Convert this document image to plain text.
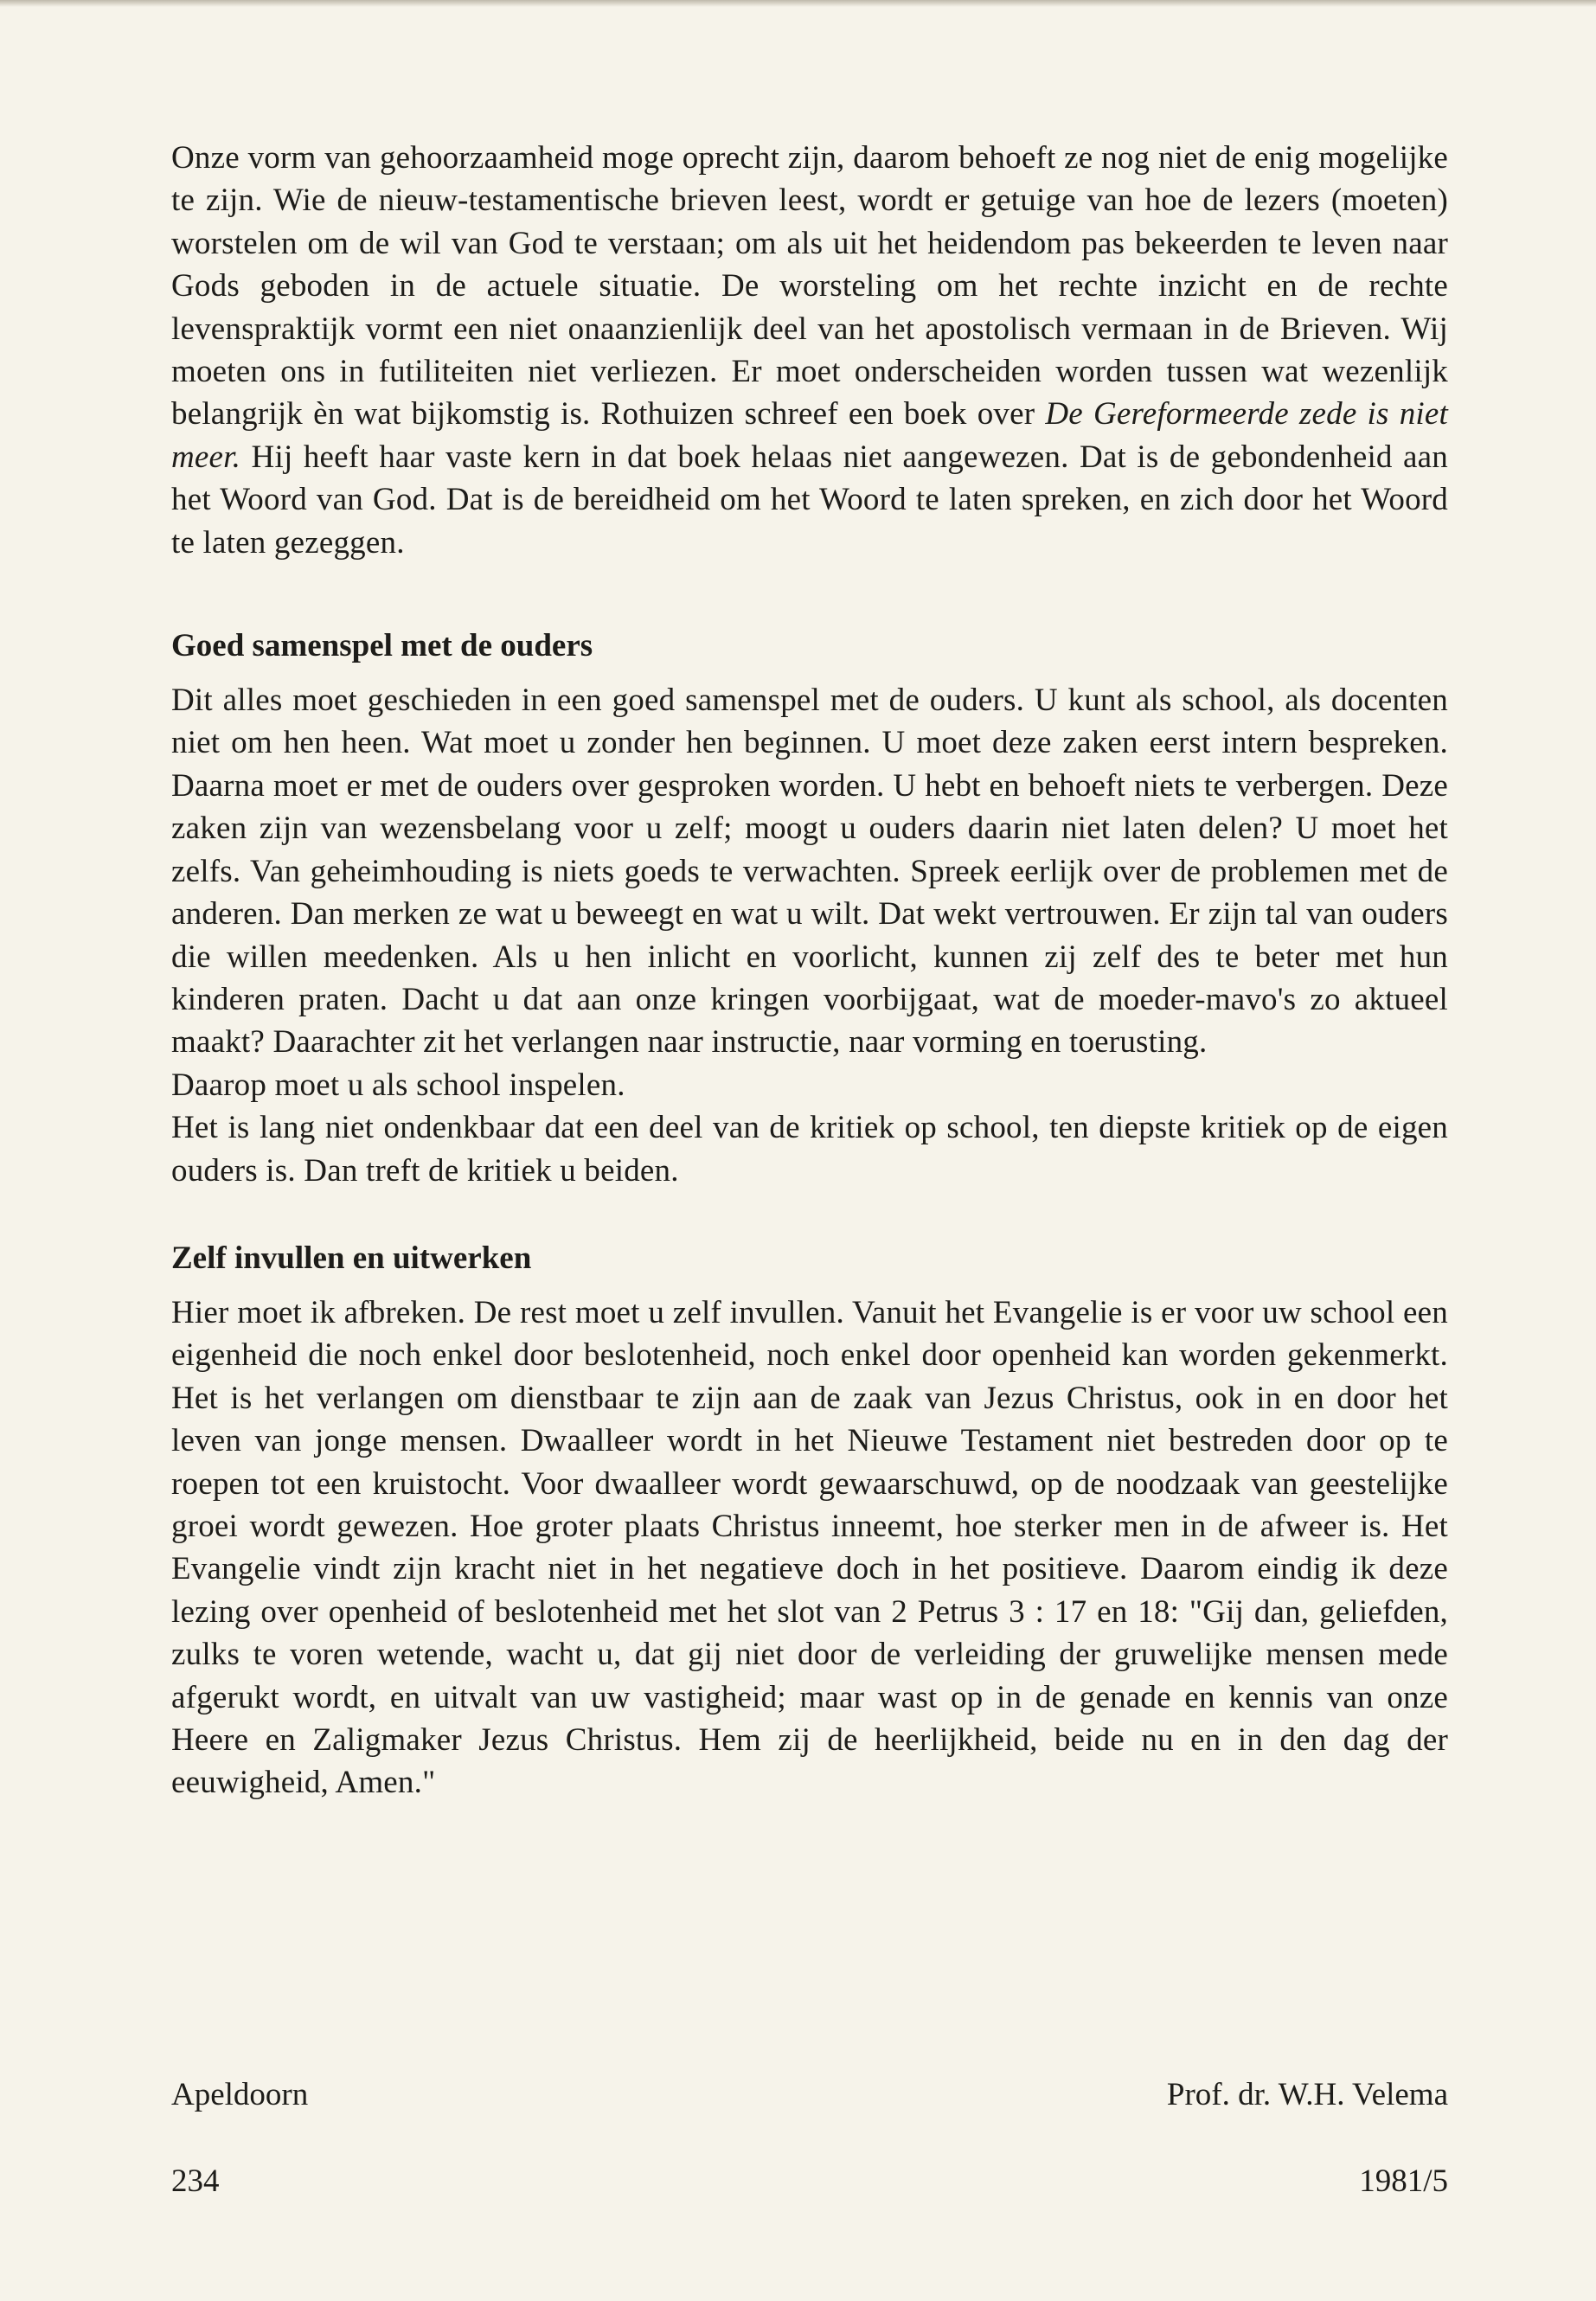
Onze vorm van gehoorzaamheid moge oprecht zijn, daarom behoeft ze nog niet de enig mogelijke te zijn. Wie de nieuw-testamentische brieven leest, wordt er getuige van hoe de lezers (moeten) worstelen om de wil van God te verstaan; om als uit het heidendom pas bekeerden te leven naar Gods geboden in de actuele situatie. De worsteling om het rechte inzicht en de rechte levenspraktijk vormt een niet onaanzienlijk deel van het apostolisch vermaan in de Brieven. Wij moeten ons in futiliteiten niet verliezen. Er moet onderscheiden worden tussen wat wezenlijk belangrijk èn wat bijkomstig is. Rothuizen schreef een boek over De Gereformeerde zede is niet meer. Hij heeft haar vaste kern in dat boek helaas niet aangewezen. Dat is de gebondenheid aan het Woord van God. Dat is de bereidheid om het Woord te laten spreken, en zich door het Woord te laten gezeggen.

Goed samenspel met de ouders

Dit alles moet geschieden in een goed samenspel met de ouders. U kunt als school, als docenten niet om hen heen. Wat moet u zonder hen beginnen. U moet deze zaken eerst intern bespreken. Daarna moet er met de ouders over gesproken worden. U hebt en behoeft niets te verbergen. Deze zaken zijn van wezensbelang voor u zelf; moogt u ouders daarin niet laten delen? U moet het zelfs. Van geheimhouding is niets goeds te verwachten. Spreek eerlijk over de problemen met de anderen. Dan merken ze wat u beweegt en wat u wilt. Dat wekt vertrouwen. Er zijn tal van ouders die willen meedenken. Als u hen inlicht en voorlicht, kunnen zij zelf des te beter met hun kinderen praten. Dacht u dat aan onze kringen voorbijgaat, wat de moeder-mavo's zo aktueel maakt? Daarachter zit het verlangen naar instructie, naar vorming en toerusting.

Daarop moet u als school inspelen.

Het is lang niet ondenkbaar dat een deel van de kritiek op school, ten diepste kritiek op de eigen ouders is. Dan treft de kritiek u beiden.

Zelf invullen en uitwerken

Hier moet ik afbreken. De rest moet u zelf invullen. Vanuit het Evangelie is er voor uw school een eigenheid die noch enkel door beslotenheid, noch enkel door openheid kan worden gekenmerkt. Het is het verlangen om dienstbaar te zijn aan de zaak van Jezus Christus, ook in en door het leven van jonge mensen. Dwaalleer wordt in het Nieuwe Testament niet bestreden door op te roepen tot een kruistocht. Voor dwaalleer wordt gewaarschuwd, op de noodzaak van geestelijke groei wordt gewezen. Hoe groter plaats Christus inneemt, hoe sterker men in de afweer is. Het Evangelie vindt zijn kracht niet in het negatieve doch in het positieve. Daarom eindig ik deze lezing over openheid of beslotenheid met het slot van 2 Petrus 3 : 17 en 18: "Gij dan, geliefden, zulks te voren wetende, wacht u, dat gij niet door de verleiding der gruwelijke mensen mede afgerukt wordt, en uitvalt van uw vastigheid; maar wast op in de genade en kennis van onze Heere en Zaligmaker Jezus Christus. Hem zij de heerlijkheid, beide nu en in den dag der eeuwigheid, Amen."

Apeldoorn	Prof. dr. W.H. Velema
234	1981/5
